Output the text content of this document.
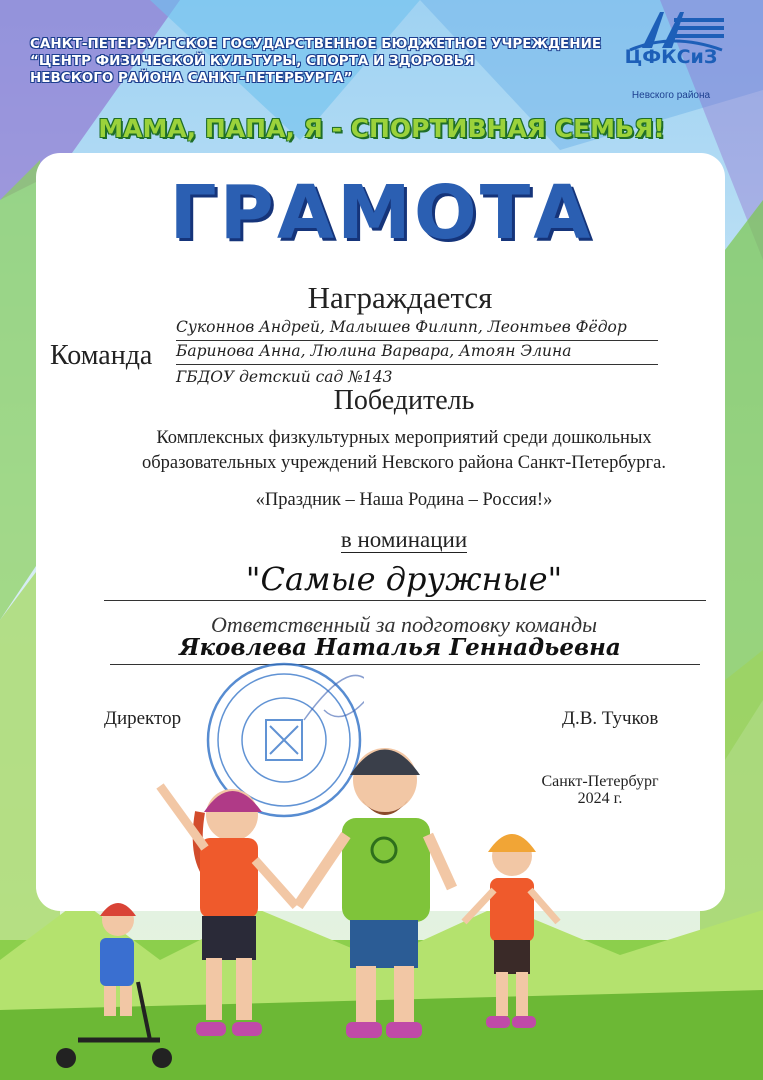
САНКТ-ПЕТЕРБУРГСКОЕ ГОСУДАРСТВЕННОЕ БЮДЖЕТНОЕ УЧРЕЖДЕНИЕ
“ЦЕНТР ФИЗИЧЕСКОЙ КУЛЬТУРЫ, СПОРТА И ЗДОРОВЬЯ
НЕВСКОГО РАЙОНА САНКТ-ПЕТЕРБУРГА”
ЦФКСиЗ
Невского района
МАМА, ПАПА, Я - СПОРТИВНАЯ СЕМЬЯ!
ГРАМОТА
Награждается
Команда
Суконнов Андрей, Малышев Филипп, Леонтьев Фёдор
Баринова Анна, Люлина Варвара, Атоян Элина
ГБДОУ детский сад №143
Победитель
Комплексных физкультурных мероприятий среди дошкольных
образовательных учреждений Невского района Санкт-Петербурга.
«Праздник – Наша Родина – Россия!»
в номинации
"Самые дружные"
Ответственный за подготовку команды
Яковлева Наталья Геннадьевна
Директор	Д.В. Тучков
Санкт-Петербург
2024 г.
